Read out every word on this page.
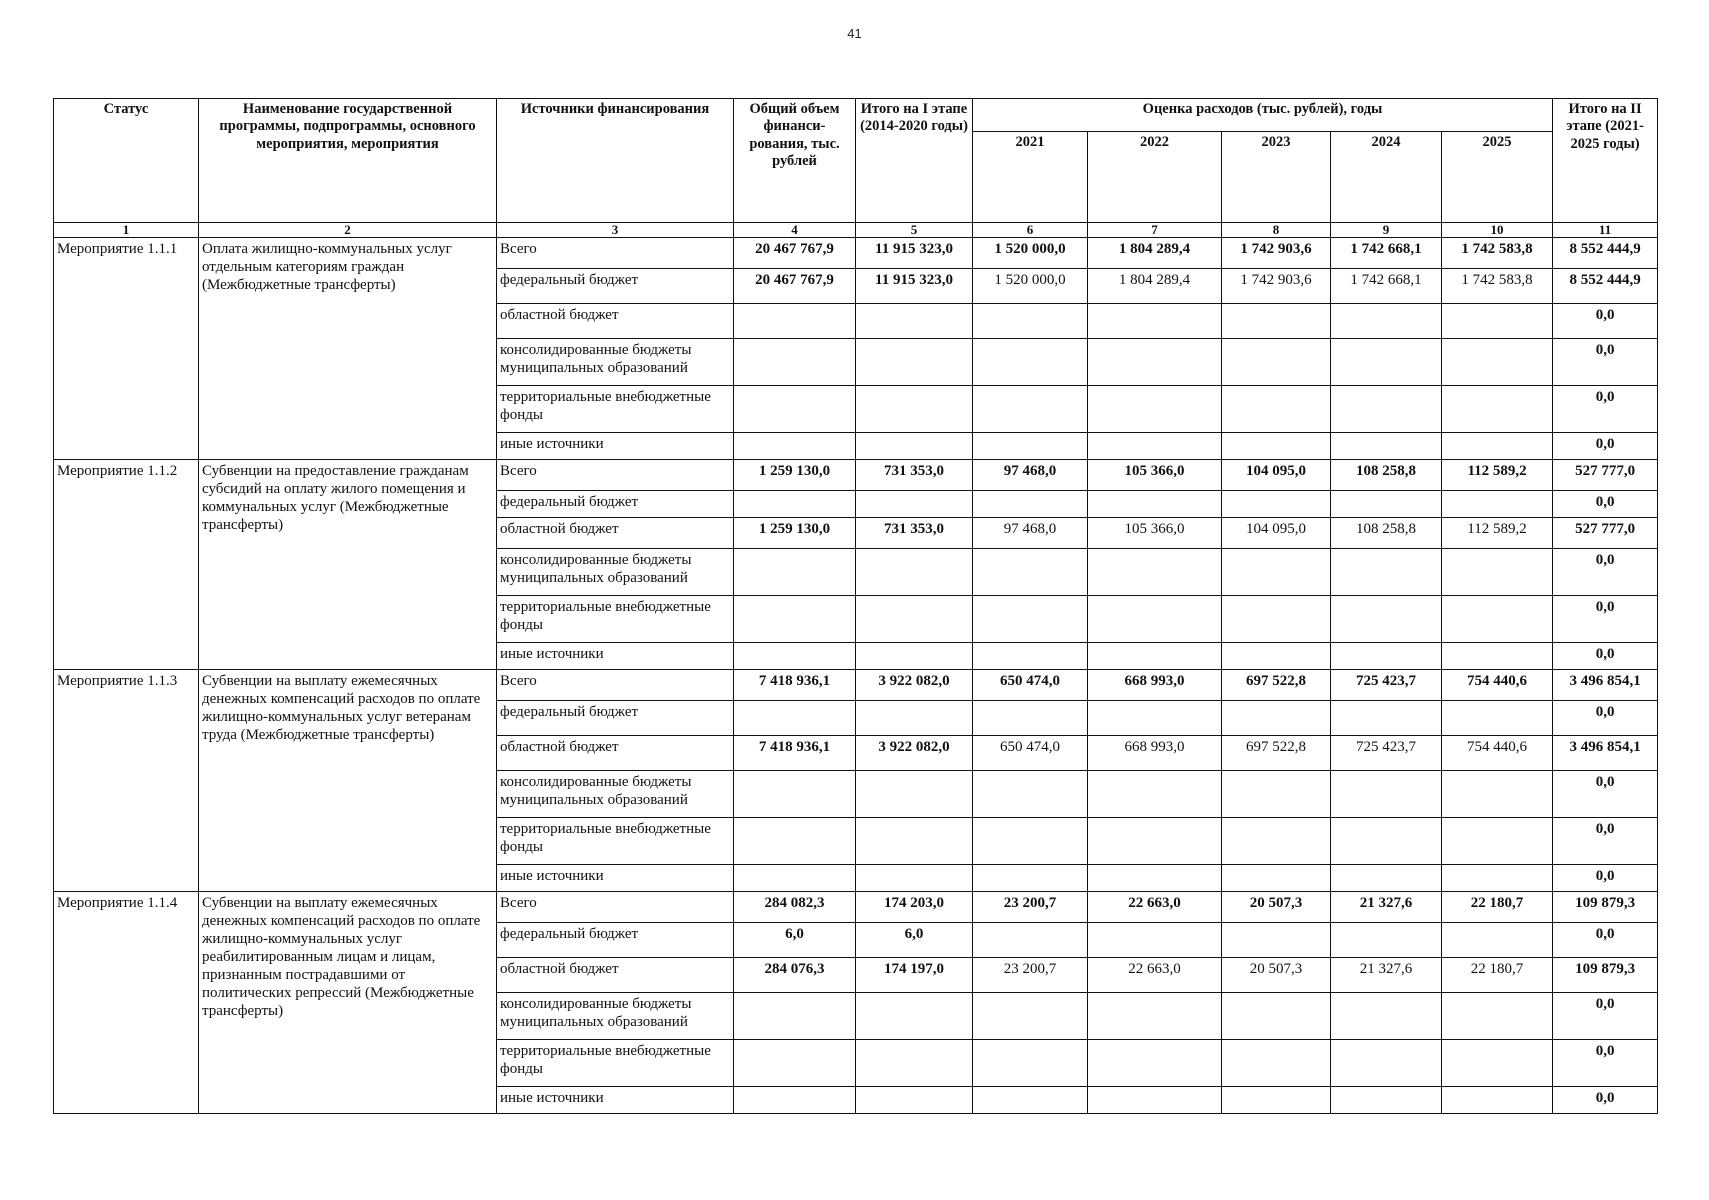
41
Статус	Наименование государственной программы, подпрограммы, основного мероприятия, мероприятия	Источники финансирования	Общий объем финанси-рования, тыс. рублей	Итого на I этапе (2014-2020 годы)	Оценка расходов (тыс. рублей), годы					Итого на II этапе (2021-2025 годы)
					2021	2022	2023	2024	2025	
1	2	3	4	5	6	7	8	9	10	11
Мероприятие 1.1.1	Оплата жилищно-коммунальных услуг отдельным категориям граждан (Межбюджетные трансферты)	Всего	20 467 767,9	11 915 323,0	1 520 000,0	1 804 289,4	1 742 903,6	1 742 668,1	1 742 583,8	8 552 444,9
		федеральный бюджет	20 467 767,9	11 915 323,0	1 520 000,0	1 804 289,4	1 742 903,6	1 742 668,1	1 742 583,8	8 552 444,9
		областной бюджет								0,0
		консолидированные бюджеты муниципальных образований								0,0
		территориальные внебюджетные фонды								0,0
		иные источники								0,0
Мероприятие 1.1.2	Субвенции на предоставление гражданам субсидий на оплату жилого помещения и коммунальных услуг (Межбюджетные трансферты)	Всего	1 259 130,0	731 353,0	97 468,0	105 366,0	104 095,0	108 258,8	112 589,2	527 777,0
		федеральный бюджет								0,0
		областной бюджет	1 259 130,0	731 353,0	97 468,0	105 366,0	104 095,0	108 258,8	112 589,2	527 777,0
		консолидированные бюджеты муниципальных образований								0,0
		территориальные внебюджетные фонды								0,0
		иные источники								0,0
Мероприятие 1.1.3	Субвенции на выплату ежемесячных денежных компенсаций расходов по оплате жилищно-коммунальных услуг ветеранам труда (Межбюджетные трансферты)	Всего	7 418 936,1	3 922 082,0	650 474,0	668 993,0	697 522,8	725 423,7	754 440,6	3 496 854,1
		федеральный бюджет								0,0
		областной бюджет	7 418 936,1	3 922 082,0	650 474,0	668 993,0	697 522,8	725 423,7	754 440,6	3 496 854,1
		консолидированные бюджеты муниципальных образований								0,0
		территориальные внебюджетные фонды								0,0
		иные источники								0,0
Мероприятие 1.1.4	Субвенции на выплату ежемесячных денежных компенсаций расходов по оплате жилищно-коммунальных услуг реабилитированным лицам и лицам, признанным пострадавшими от политических репрессий (Межбюджетные трансферты)	Всего	284 082,3	174 203,0	23 200,7	22 663,0	20 507,3	21 327,6	22 180,7	109 879,3
		федеральный бюджет	6,0	6,0						0,0
		областной бюджет	284 076,3	174 197,0	23 200,7	22 663,0	20 507,3	21 327,6	22 180,7	109 879,3
		консолидированные бюджеты муниципальных образований								0,0
		территориальные внебюджетные фонды								0,0
		иные источники								0,0
